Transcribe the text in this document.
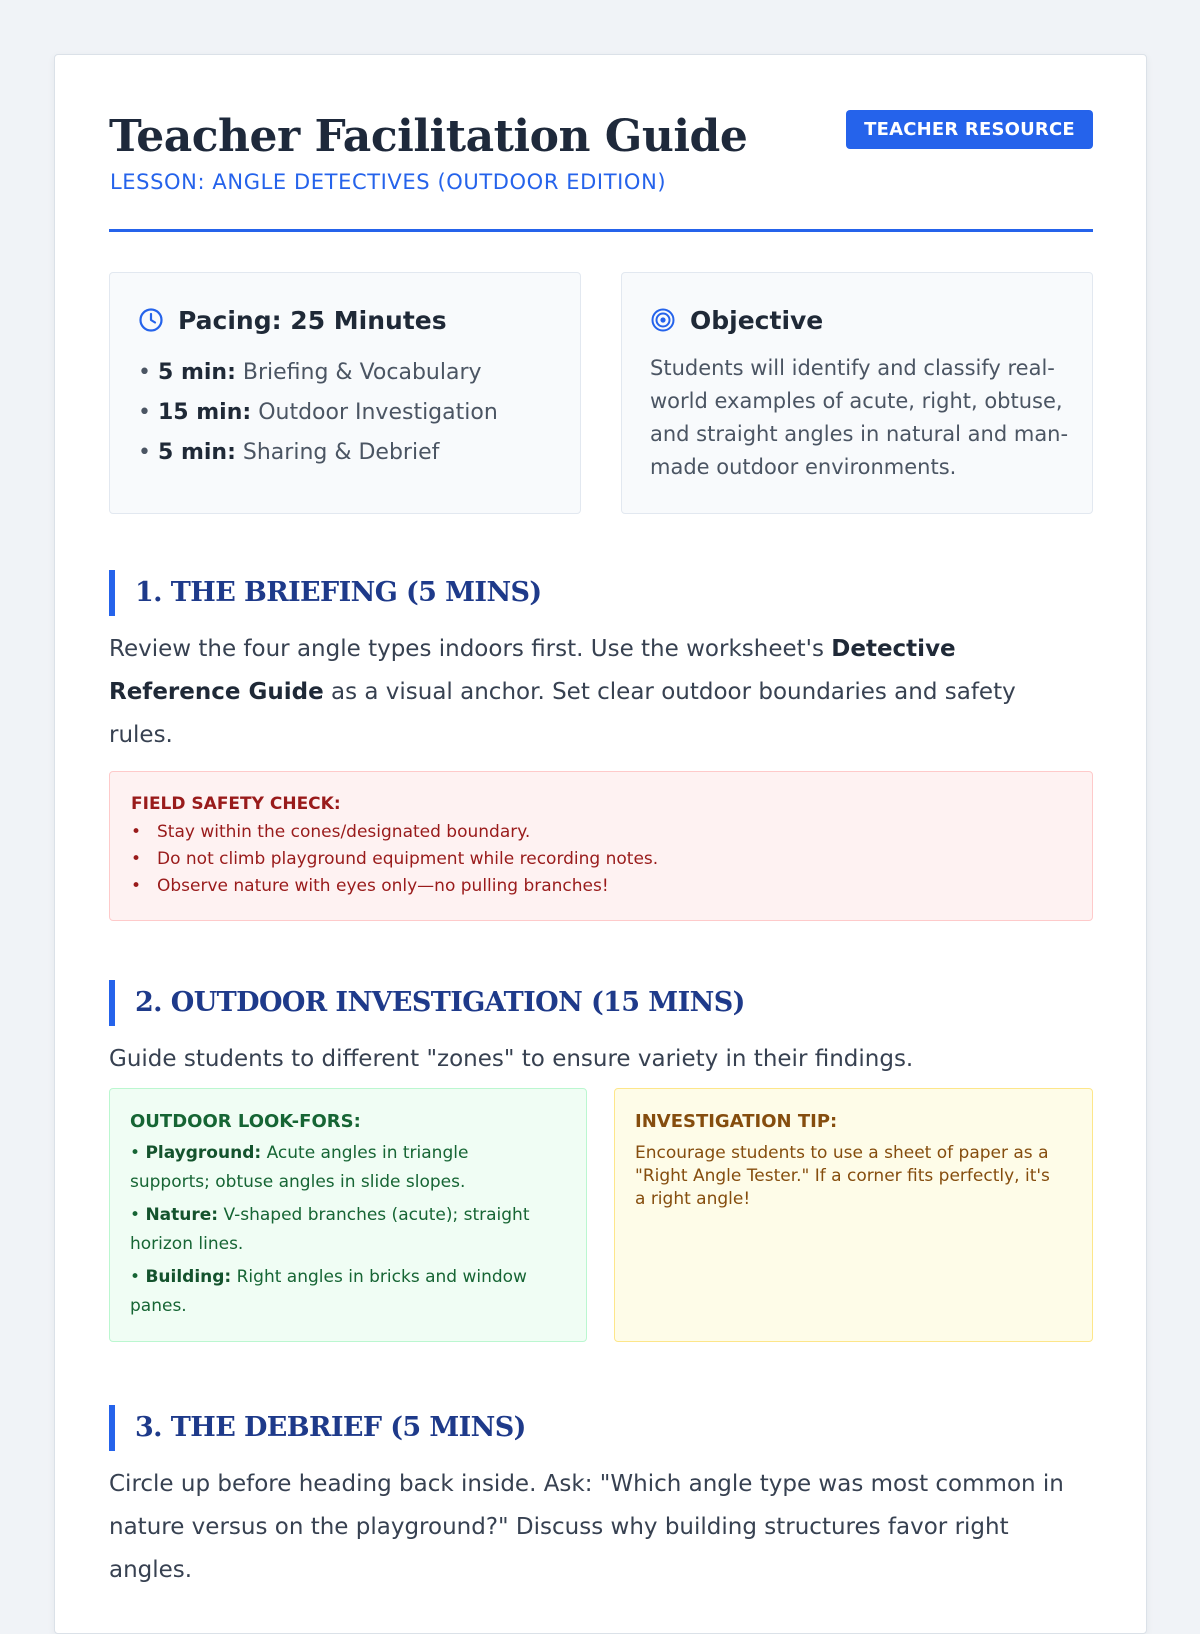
Teacher Facilitation Guide
LESSON: ANGLE DETECTIVES (OUTDOOR EDITION)
TEACHER RESOURCE
Pacing: 25 Minutes
• 5 min: Briefing & Vocabulary
• 15 min: Outdoor Investigation
• 5 min: Sharing & Debrief
Objective

Students will identify and classify real-world examples of acute, right, obtuse, and straight angles in natural and man-made outdoor environments.

1. THE BRIEFING (5 MINS)

Review the four angle types indoors first. Use the worksheet's Detective Reference Guide as a visual anchor. Set clear outdoor boundaries and safety rules.

FIELD SAFETY CHECK:
• Stay within the cones/designated boundary.
• Do not climb playground equipment while recording notes.
• Observe nature with eyes only—no pulling branches!
2. OUTDOOR INVESTIGATION (15 MINS)

Guide students to different "zones" to ensure variety in their findings.

OUTDOOR LOOK-FORS:
• Playground: Acute angles in triangle supports; obtuse angles in slide slopes.
• Nature: V-shaped branches (acute); straight horizon lines.
• Building: Right angles in bricks and window panes.
INVESTIGATION TIP:

Encourage students to use a sheet of paper as a "Right Angle Tester." If a corner fits perfectly, it's a right angle!

3. THE DEBRIEF (5 MINS)

Circle up before heading back inside. Ask: "Which angle type was most common in nature versus on the playground?" Discuss why building structures favor right angles.
